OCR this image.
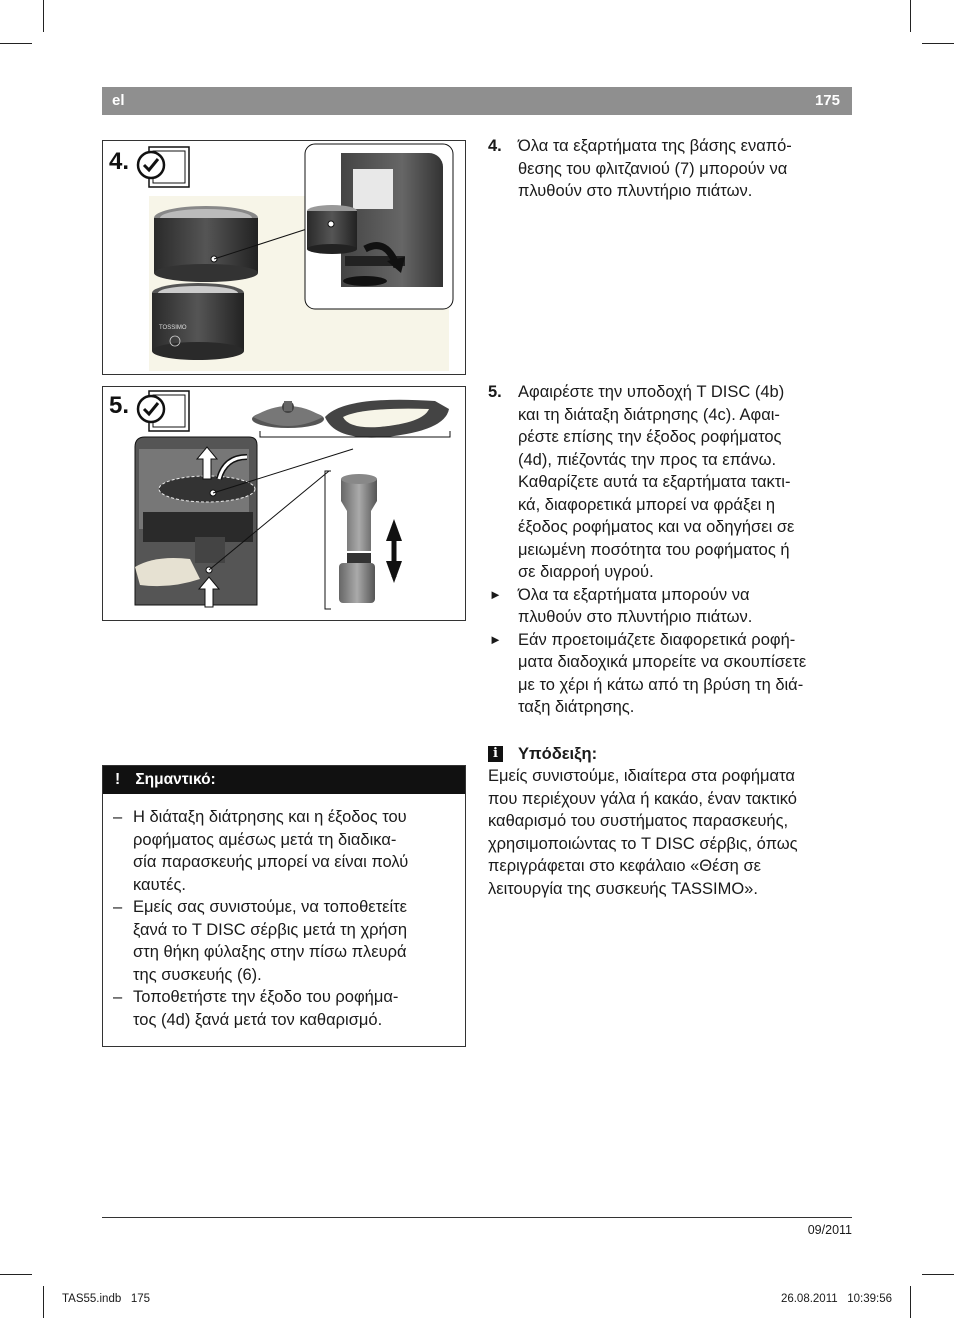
el	175
4.
TOSSIMO
5.
4. Όλα τα εξαρτήματα της βάσης εναπό-
θεσης του φλιτζανιού (7) μπορούν να
πλυθούν στο πλυντήριο πιάτων.
5. Αφαιρέστε την υποδοχή T DISC (4b)
και τη διάταξη διάτρησης (4c). Αφαι-
ρέστε επίσης την έξοδος ροφήματος
(4d), πιέζοντάς την προς τα επάνω.
Καθαρίζετε αυτά τα εξαρτήματα τακτι-
κά, διαφορετικά μπορεί να φράξει η
έξοδος ροφήματος και να οδηγήσει σε
μειωμένη ποσότητα του ροφήματος ή
σε διαρροή υγρού.
► Όλα τα εξαρτήματα μπορούν να
πλυθούν στο πλυντήριο πιάτων.
► Εάν προετοιμάζετε διαφορετικά ροφή-
ματα διαδοχικά μπορείτε να σκουπίσετε
με το χέρι ή κάτω από τη βρύση τη διά-
ταξη διάτρησης.
i	Υπόδειξη:
Εμείς συνιστούμε, ιδιαίτερα στα ροφήματα
που περιέχουν γάλα ή κακάο, έναν τακτικό
καθαρισμό του συστήματος παρασκευής,
χρησιμοποιώντας το T DISC σέρβις, όπως
περιγράφεται στο κεφάλαιο «Θέση σε
λειτουργία της συσκευής TASSIMO».
! Σημαντικό:
– Η διάταξη διάτρησης και η έξοδος του
ροφήματος αμέσως μετά τη διαδικα-
σία παρασκευής μπορεί να είναι πολύ
καυτές.
– Εμείς σας συνιστούμε, να τοποθετείτε
ξανά το T DISC σέρβις μετά τη χρήση
στη θήκη φύλαξης στην πίσω πλευρά
της συσκευής (6).
– Τοποθετήστε την έξοδο του ροφήμα-
τος (4d) ξανά μετά τον καθαρισμό.
09/2011
TAS55.indb   175	26.08.2011   10:39:56
